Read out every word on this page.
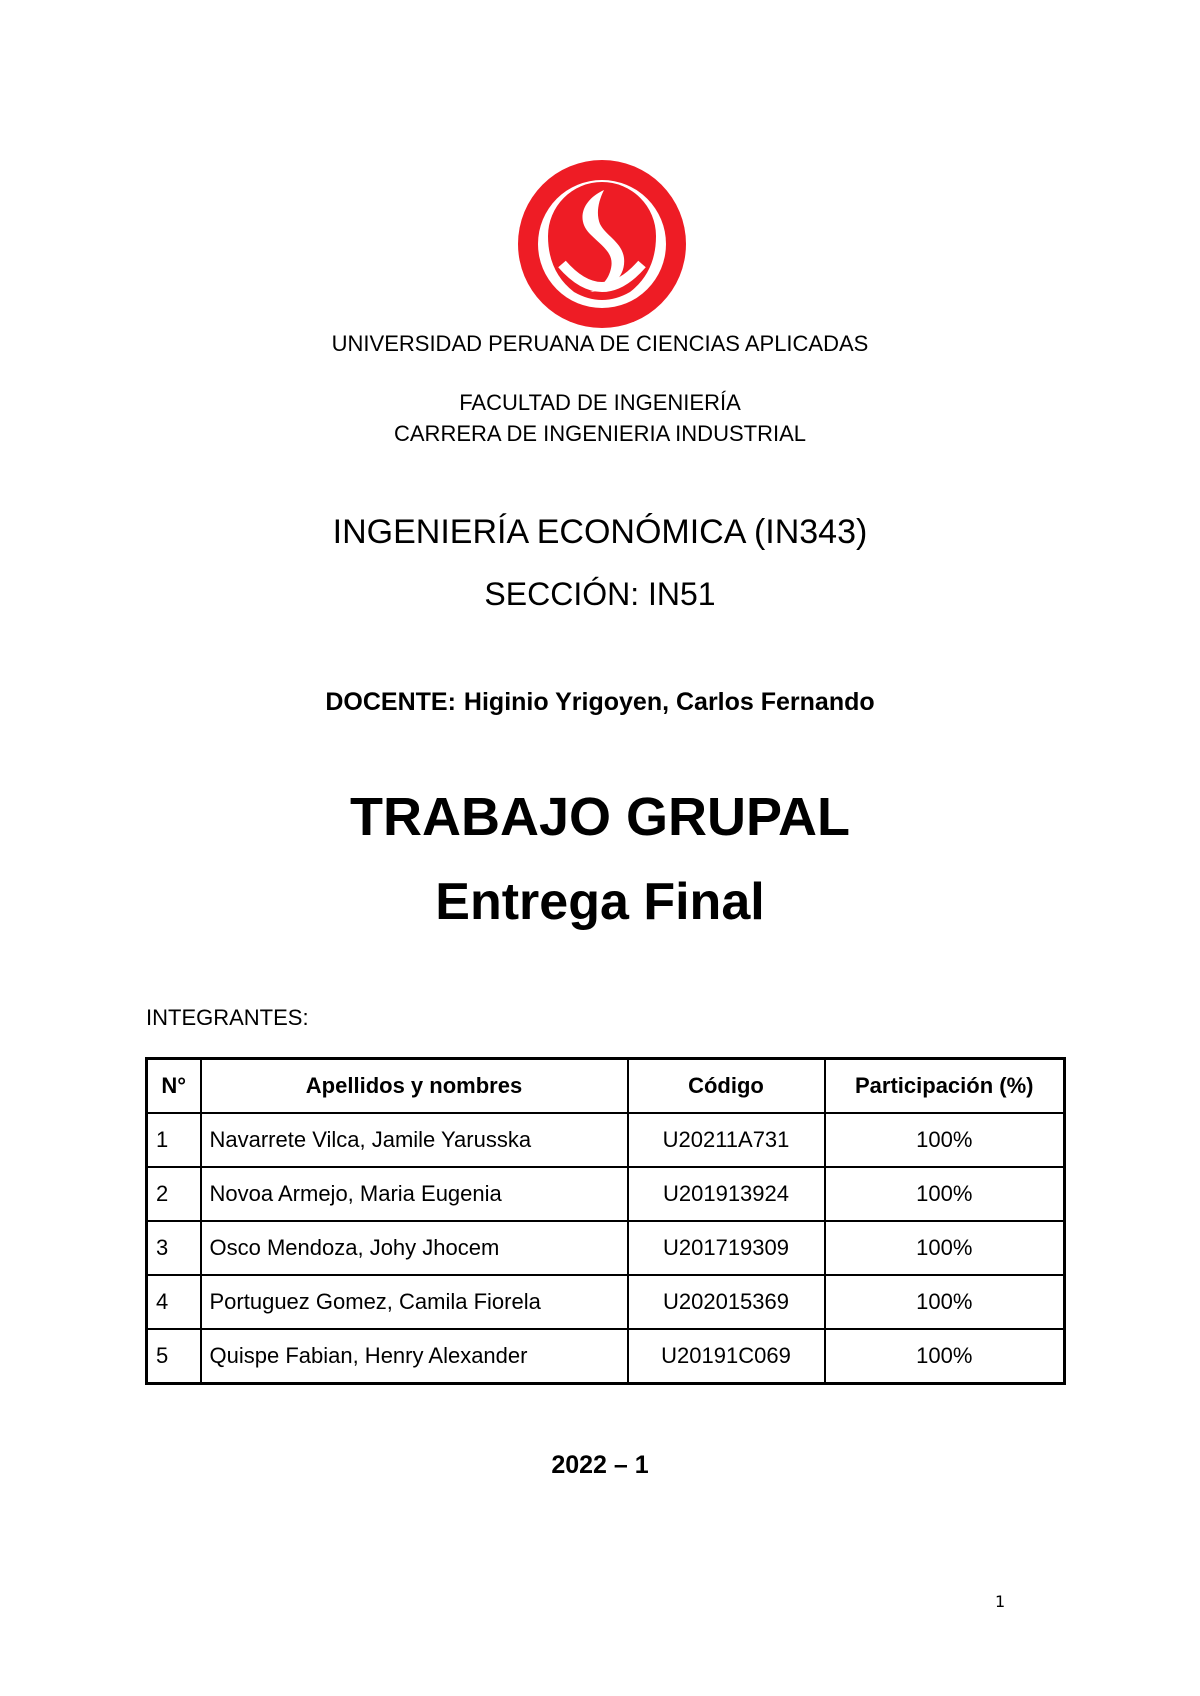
UNIVERSIDAD PERUANA DE CIENCIAS APLICADAS
FACULTAD DE INGENIERÍA
CARRERA DE INGENIERIA INDUSTRIAL
INGENIERÍA ECONÓMICA (IN343)
SECCIÓN: IN51
DOCENTE: Higinio Yrigoyen, Carlos Fernando
TRABAJO GRUPAL
Entrega Final
INTEGRANTES:
N°	Apellidos y nombres	Código	Participación (%)
1	Navarrete Vilca, Jamile Yarusska	U20211A731	100%
2	Novoa Armejo, Maria Eugenia	U201913924	100%
3	Osco Mendoza, Johy Jhocem	U201719309	100%
4	Portuguez Gomez, Camila Fiorela	U202015369	100%
5	Quispe Fabian, Henry Alexander	U20191C069	100%
2022 – 1
1
